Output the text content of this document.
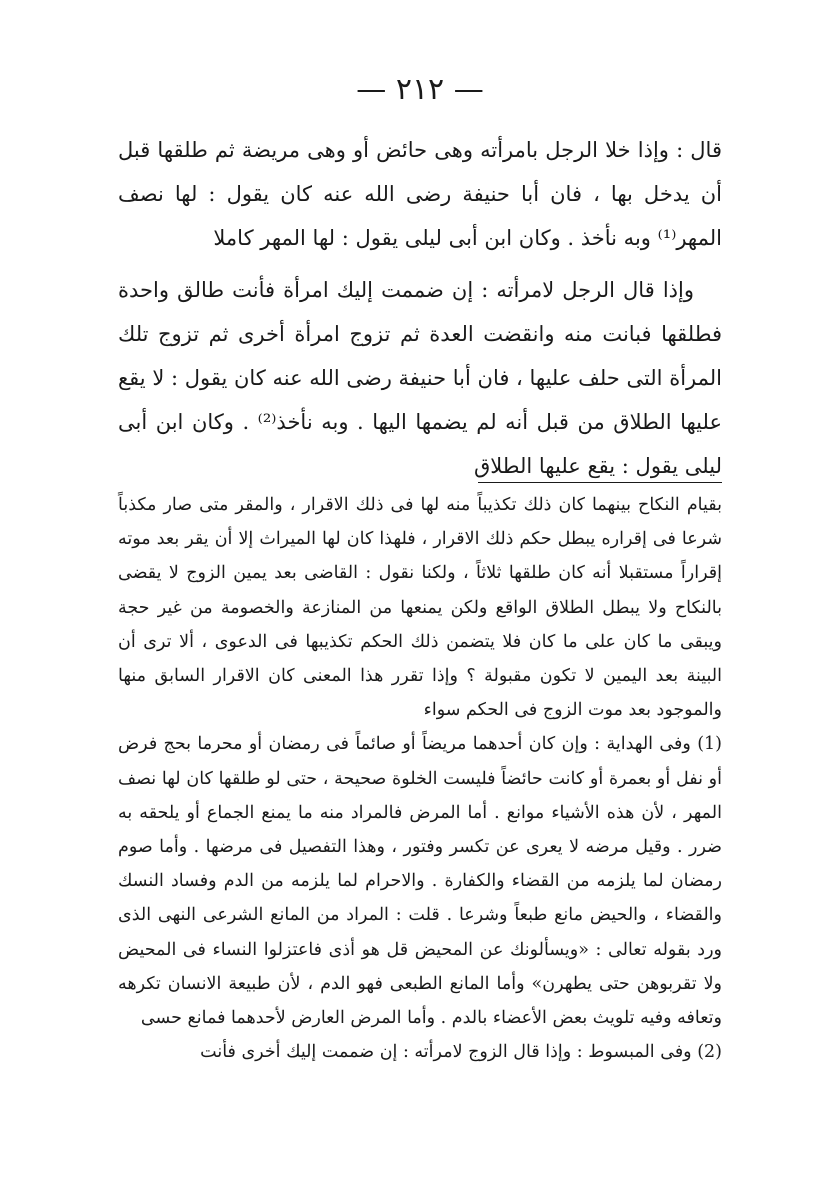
— ٢١٢ —

قال : وإذا خلا الرجل بامرأته وهى حائض أو وهى مريضة ثم طلقها قبل أن يدخل بها ، فان أبا حنيفة رضى الله عنه كان يقول : لها نصف المهر⁽¹⁾ وبه نأخذ . وكان ابن أبى ليلى يقول : لها المهر كاملا

وإذا قال الرجل لامرأته : إن ضممت إليك امرأة فأنت طالق واحدة فطلقها فبانت منه وانقضت العدة ثم تزوج امرأة أخرى ثم تزوج تلك المرأة التى حلف عليها ، فان أبا حنيفة رضى الله عنه كان يقول : لا يقع عليها الطلاق من قبل أنه لم يضمها اليها . وبه نأخذ⁽²⁾ . وكان ابن أبى ليلى يقول : يقع عليها الطلاق

بقيام النكاح بينهما كان ذلك تكذيباً منه لها فى ذلك الاقرار ، والمقر متى صار مكذباً شرعا فى إقراره يبطل حكم ذلك الاقرار ، فلهذا كان لها الميراث إلا أن يقر بعد موته إقراراً مستقبلا أنه كان طلقها ثلاثاً ، ولكنا نقول : القاضى بعد يمين الزوج لا يقضى بالنكاح ولا يبطل الطلاق الواقع ولكن يمنعها من المنازعة والخصومة من غير حجة ويبقى ما كان على ما كان فلا يتضمن ذلك الحكم تكذيبها فى الدعوى ، ألا ترى أن البينة بعد اليمين لا تكون مقبولة ؟ وإذا تقرر هذا المعنى كان الاقرار السابق منها والموجود بعد موت الزوج فى الحكم سواء

(1) وفى الهداية : وإن كان أحدهما مريضاً أو صائماً فى رمضان أو محرما بحج فرض أو نفل أو بعمرة أو كانت حائضاً فليست الخلوة صحيحة ، حتى لو طلقها كان لها نصف المهر ، لأن هذه الأشياء موانع . أما المرض فالمراد منه ما يمنع الجماع أو يلحقه به ضرر . وقيل مرضه لا يعرى عن تكسر وفتور ، وهذا التفصيل فى مرضها . وأما صوم رمضان لما يلزمه من القضاء والكفارة . والاحرام لما يلزمه من الدم وفساد النسك والقضاء ، والحيض مانع طبعاً وشرعا . قلت : المراد من المانع الشرعى النهى الذى ورد بقوله تعالى : «ويسألونك عن المحيض قل هو أذى فاعتزلوا النساء فى المحيض ولا تقربوهن حتى يطهرن» وأما المانع الطبعى فهو الدم ، لأن طبيعة الانسان تكرهه وتعافه وفيه تلويث بعض الأعضاء بالدم . وأما المرض العارض لأحدهما فمانع حسى

(2) وفى المبسوط : وإذا قال الزوج لامرأته : إن ضممت إليك أخرى فأنت
